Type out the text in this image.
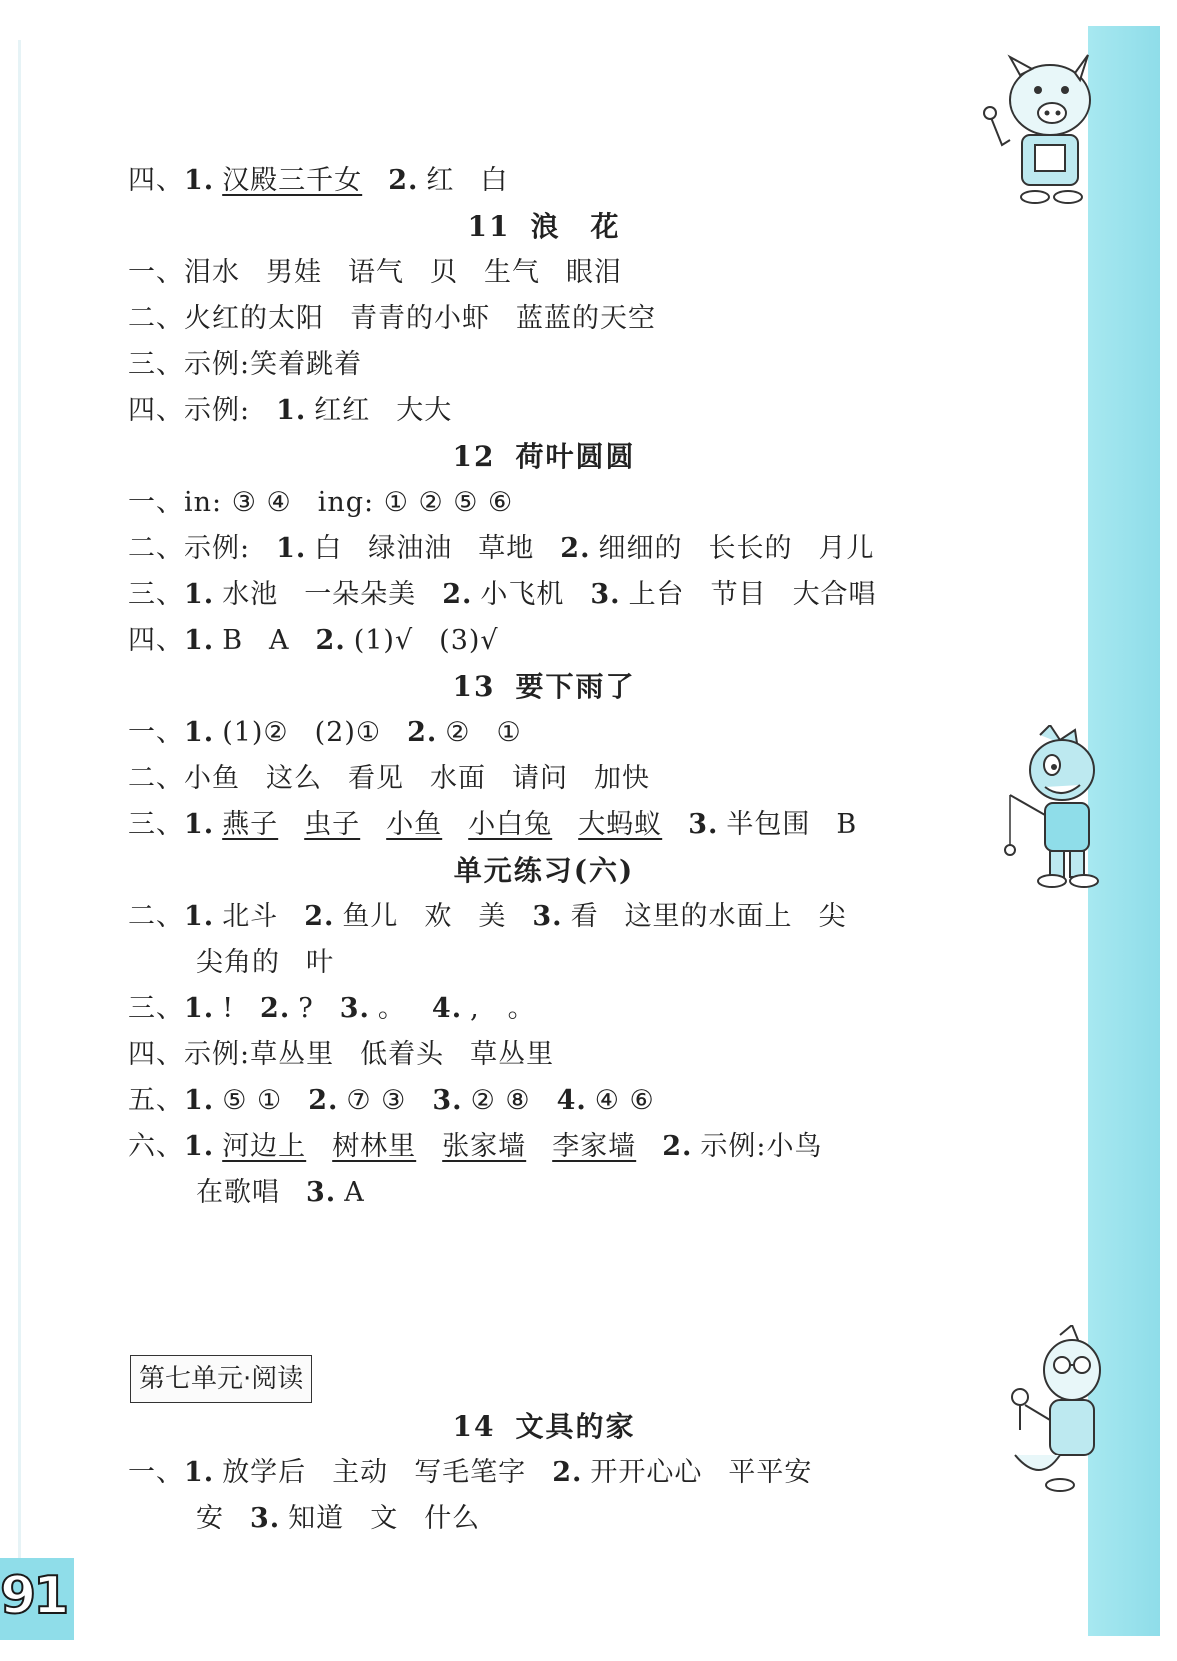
91
四、1. 汉殿三千女 2. 红 白
11 浪　花
一、泪水 男娃 语气 贝 生气 眼泪
二、火红的太阳 青青的小虾 蓝蓝的天空
三、示例:笑着跳着
四、示例: 1. 红红 大大
12 荷叶圆圆
一、in: ③ ④ ing: ① ② ⑤ ⑥
二、示例: 1. 白 绿油油 草地 2. 细细的 长长的 月儿
三、1. 水池 一朵朵美 2. 小飞机 3. 上台 节目 大合唱
四、1. B A 2. (1)√ (3)√
13 要下雨了
一、1. (1)② (2)① 2. ② ①
二、小鱼 这么 看见 水面 请问 加快
三、1. 燕子 虫子 小鱼 小白兔 大蚂蚁 3. 半包围 B
单元练习(六)
二、1. 北斗 2. 鱼儿 欢 美 3. 看 这里的水面上 尖
尖角的 叶
三、1. ! 2. ? 3. 。 4. ,　。
四、示例:草丛里 低着头 草丛里
五、1. ⑤ ① 2. ⑦ ③ 3. ② ⑧ 4. ④ ⑥
六、1. 河边上 树林里 张家墙 李家墙 2. 示例:小鸟
在歌唱 3. A
第七单元·阅读
14 文具的家
一、1. 放学后 主动 写毛笔字 2. 开开心心 平平安
安 3. 知道 文 什么
